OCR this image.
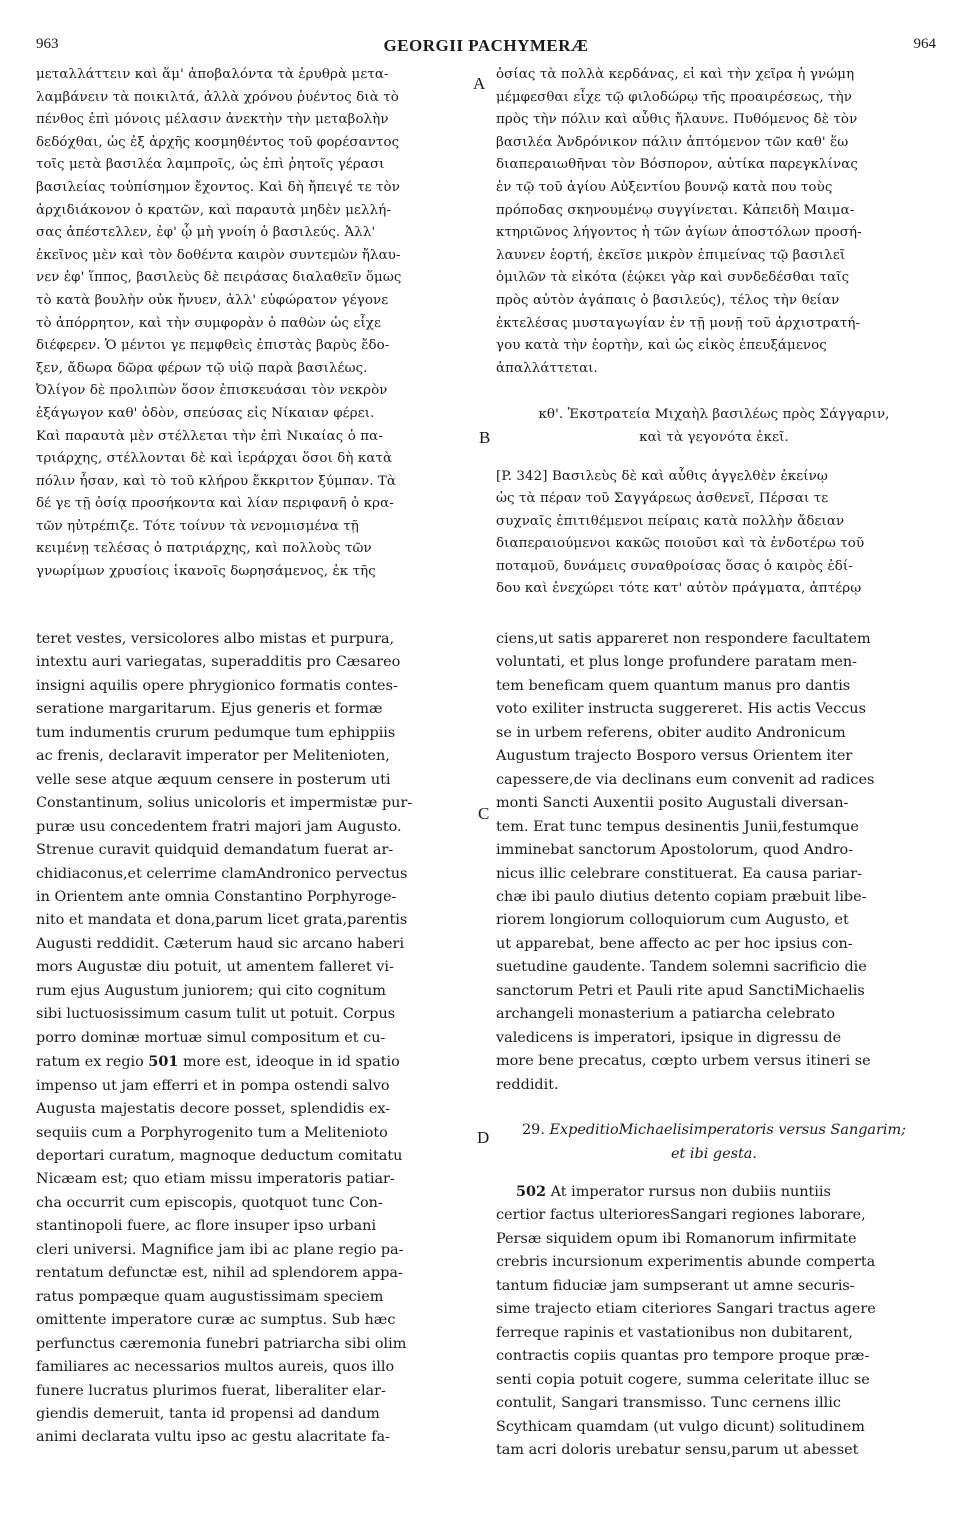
963	GEORGII PACHYMERÆ	964
A
B
C
D
μεταλλάττειν καὶ ἅμ' ἀποβαλόντα τὰ ἐρυθρὰ μετα-
λαμβάνειν τὰ ποικιλτά, ἀλλὰ χρόνου ῥυέντος διὰ τὸ
πένθος ἐπὶ μόνοις μέλασιν ἀνεκτὴν τὴν μεταβολὴν
δεδόχθαι, ὡς ἐξ ἀρχῆς κοσμηθέντος τοῦ φορέσαντος
τοῖς μετὰ βασιλέα λαμπροῖς, ὡς ἐπὶ ῥητοῖς γέρασι
βασιλείας τοὐπίσημον ἔχοντος. Καὶ δὴ ἤπειγέ τε τὸν
ἀρχιδιάκονον ὁ κρατῶν, καὶ παραυτὰ μηδὲν μελλή-
σας ἀπέστελλεν, ἐφ' ᾧ μὴ γνοίη ὁ βασιλεύς. Ἀλλ'
ἐκεῖνος μὲν καὶ τὸν δοθέντα καιρὸν συντεμὼν ἤλαυ-
νεν ἐφ' ἵππος, βασιλεὺς δὲ πειράσας διαλαθεῖν ὅμως
τὸ κατὰ βουλὴν οὐκ ἤνυεν, ἀλλ' εὐφώρατον γέγονε
τὸ ἀπόρρητον, καὶ τὴν συμφορὰν ὁ παθὼν ὡς εἶχε
διέφερεν. Ὁ μέντοι γε πεμφθεὶς ἐπιστὰς βαρὺς ἔδο-
ξεν, ἄδωρα δῶρα φέρων τῷ υἱῷ παρὰ βασιλέως.
Ὀλίγον δὲ προλιπὼν ὅσον ἐπισκευάσαι τὸν νεκρὸν
ἐξάγωγον καθ' ὁδὸν, σπεύσας εἰς Νίκαιαν φέρει.
Καὶ παραυτὰ μὲν στέλλεται τὴν ἐπὶ Νικαίας ὁ πα-
τριάρχης, στέλλονται δὲ καὶ ἱεράρχαι ὅσοι δὴ κατὰ
πόλιν ἦσαν, καὶ τὸ τοῦ κλήρου ἔκκριτον ξύμπαν. Τὰ
δέ γε τῇ ὁσίᾳ προσήκοντα καὶ λίαν περιφανῆ ὁ κρα-
τῶν ηὐτρέπιζε. Τότε τοίνυν τὰ νενομισμένα τῇ
κειμένῃ τελέσας ὁ πατριάρχης, καὶ πολλοὺς τῶν
γνωρίμων χρυσίοις ἱκανοῖς δωρησάμενος, ἐκ τῆς
ὁσίας τὰ πολλὰ κερδάνας, εἰ καὶ τὴν χεῖρα ἡ γνώμη
μέμφεσθαι εἶχε τῷ φιλοδώρῳ τῆς προαιρέσεως, τὴν
πρὸς τὴν πόλιν καὶ αὖθις ἤλαυνε. Πυθόμενος δὲ τὸν
βασιλέα Ἀνδρόνικον πάλιν ἁπτόμενον τῶν καθ' ἕω
διαπεραιωθῆναι τὸν Βόσπορον, αὐτίκα παρεγκλίνας
ἐν τῷ τοῦ ἁγίου Αὐξεντίου βουνῷ κατὰ που τοὺς
πρόποδας σκηνουμένῳ συγγίνεται. Κἀπειδὴ Μαιμα-
κτηριῶνος λήγοντος ἡ τῶν ἁγίων ἀποστόλων προσή-
λαυνεν ἑορτή, ἐκεῖσε μικρὸν ἐπιμείνας τῷ βασιλεῖ
ὁμιλῶν τὰ εἰκότα (ἐῴκει γὰρ καὶ συνδεδέσθαι ταῖς
πρὸς αὐτὸν ἀγάπαις ὁ βασιλεύς), τέλος τὴν θείαν
ἐκτελέσας μυσταγωγίαν ἐν τῇ μονῇ τοῦ ἀρχιστρατή-
γου κατὰ τὴν ἑορτὴν, καὶ ὡς εἰκὸς ἐπευξάμενος
ἀπαλλάττεται.
κθ'. Ἐκστρατεία Μιχαὴλ βασιλέως πρὸς Σάγγαριν,
καὶ τὰ γεγονότα ἐκεῖ.
[P. 342] Βασιλεὺς δὲ καὶ αὖθις ἀγγελθὲν ἐκείνῳ
ὡς τὰ πέραν τοῦ Σαγγάρεως ἀσθενεῖ, Πέρσαι τε
συχναῖς ἐπιτιθέμενοι πείραις κατὰ πολλὴν ἄδειαν
διαπεραιούμενοι κακῶς ποιοῦσι καὶ τὰ ἐνδοτέρω τοῦ
ποταμοῦ, δυνάμεις συναθροίσας ὅσας ὁ καιρὸς ἐδί-
δου καὶ ἐνεχώρει τότε κατ' αὐτὸν πράγματα, ἀπτέρῳ
teret vestes, versicolores albo mistas et purpura,
intextu auri variegatas, superadditis pro Cæsareo
insigni aquilis opere phrygionico formatis contes-
seratione margaritarum. Ejus generis et formæ
tum indumentis crurum pedumque tum ephippiis
ac frenis, declaravit imperator per Melitenioten,
velle sese atque æquum censere in posterum uti
Constantinum, solius unicoloris et impermistæ pur-
puræ usu concedentem fratri majori jam Augusto.
Strenue curavit quidquid demandatum fuerat ar-
chidiaconus,et celerrime clamAndronico pervectus
in Orientem ante omnia Constantino Porphyroge-
nito et mandata et dona,parum licet grata,parentis
Augusti reddidit. Cæterum haud sic arcano haberi
mors Augustæ diu potuit, ut amentem falleret vi-
rum ejus Augustum juniorem; qui cito cognitum
sibi luctuosissimum casum tulit ut potuit. Corpus
porro dominæ mortuæ simul compositum et cu-
ratum ex regio 501 more est, ideoque in id spatio
impenso ut jam efferri et in pompa ostendi salvo
Augusta majestatis decore posset, splendidis ex-
sequiis cum a Porphyrogenito tum a Melitenioto
deportari curatum, magnoque deductum comitatu
Nicæam est; quo etiam missu imperatoris patiar-
cha occurrit cum episcopis, quotquot tunc Con-
stantinopoli fuere, ac flore insuper ipso urbani
cleri universi. Magnifice jam ibi ac plane regio pa-
rentatum defunctæ est, nihil ad splendorem appa-
ratus pompæque quam augustissimam speciem
omittente imperatore curæ ac sumptus. Sub hæc
perfunctus cæremonia funebri patriarcha sibi olim
familiares ac necessarios multos aureis, quos illo
funere lucratus plurimos fuerat, liberaliter elar-
giendis demeruit, tanta id propensi ad dandum
animi declarata vultu ipso ac gestu alacritate fa-
ciens,ut satis appareret non respondere facultatem
voluntati, et plus longe profundere paratam men-
tem beneficam quem quantum manus pro dantis
voto exiliter instructa suggereret. His actis Veccus
se in urbem referens, obiter audito Andronicum
Augustum trajecto Bosporo versus Orientem iter
capessere,de via declinans eum convenit ad radices
monti Sancti Auxentii posito Augustali diversan-
tem. Erat tunc tempus desinentis Junii,festumque
imminebat sanctorum Apostolorum, quod Andro-
nicus illic celebrare constituerat. Ea causa pariar-
chæ ibi paulo diutius detento copiam præbuit libe-
riorem longiorum colloquiorum cum Augusto, et
ut apparebat, bene affecto ac per hoc ipsius con-
suetudine gaudente. Tandem solemni sacrificio die
sanctorum Petri et Pauli rite apud SanctiMichaelis
archangeli monasterium a patiarcha celebrato
valedicens is imperatori, ipsique in digressu de
more bene precatus, cœpto urbem versus itineri se
reddidit.
29. ExpeditioMichaelisimperatoris versus Sangarim;
et ibi gesta.
502 At imperator rursus non dubiis nuntiis
certior factus ulterioresSangari regiones laborare,
Persæ siquidem opum ibi Romanorum infirmitate
crebris incursionum experimentis abunde comperta
tantum fiduciæ jam sumpserant ut amne securis-
sime trajecto etiam citeriores Sangari tractus agere
ferreque rapinis et vastationibus non dubitarent,
contractis copiis quantas pro tempore proque præ-
senti copia potuit cogere, summa celeritate illuc se
contulit, Sangari transmisso. Tunc cernens illic
Scythicam quamdam (ut vulgo dicunt) solitudinem
tam acri doloris urebatur sensu,parum ut abesset
